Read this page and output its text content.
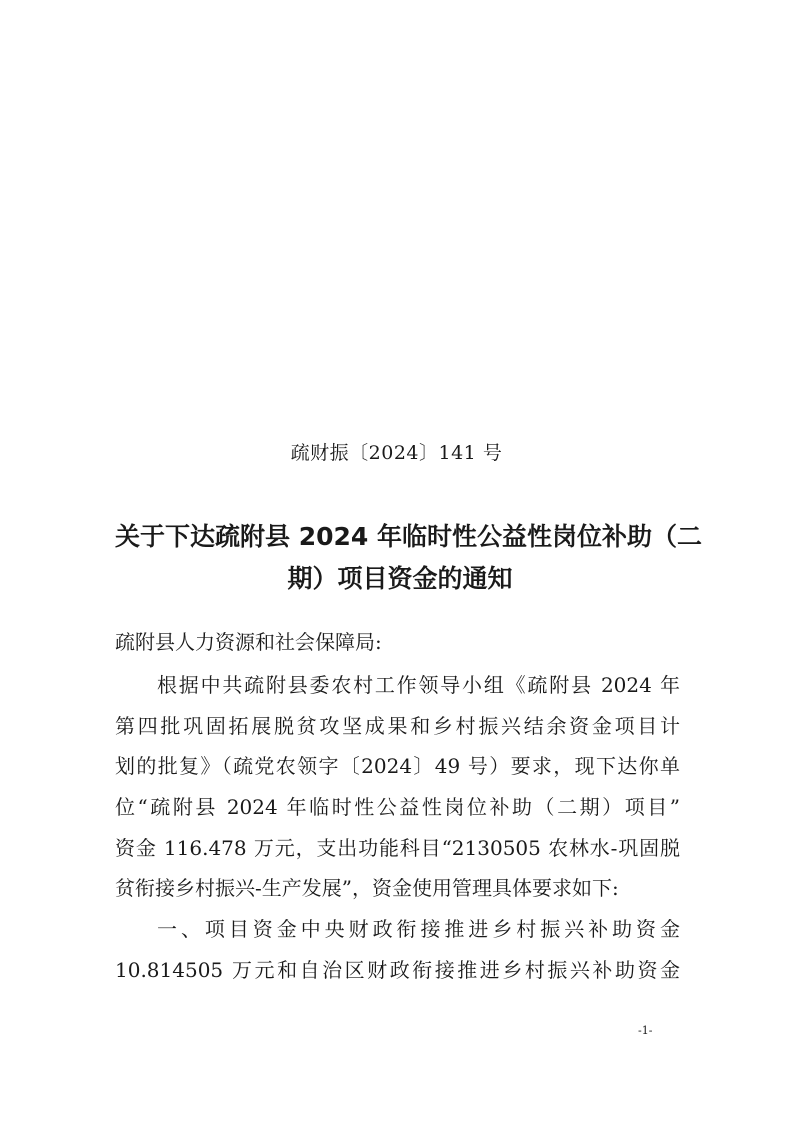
疏财振〔2024〕141 号
关于下达疏附县 2024 年临时性公益性岗位补助（二
期）项目资金的通知
疏附县人力资源和社会保障局:
根据中共疏附县委农村工作领导小组《疏附县 2024 年
第四批巩固拓展脱贫攻坚成果和乡村振兴结余资金项目计
划的批复》（疏党农领字〔2024〕49 号）要求，现下达你单
位“疏附县 2024 年临时性公益性岗位补助（二期）项目”
资金 116.478 万元，支出功能科目“2130505 农林水-巩固脱
贫衔接乡村振兴-生产发展”，资金使用管理具体要求如下:
一、项目资金中央财政衔接推进乡村振兴补助资金
10.814505 万元和自治区财政衔接推进乡村振兴补助资金
-1-
